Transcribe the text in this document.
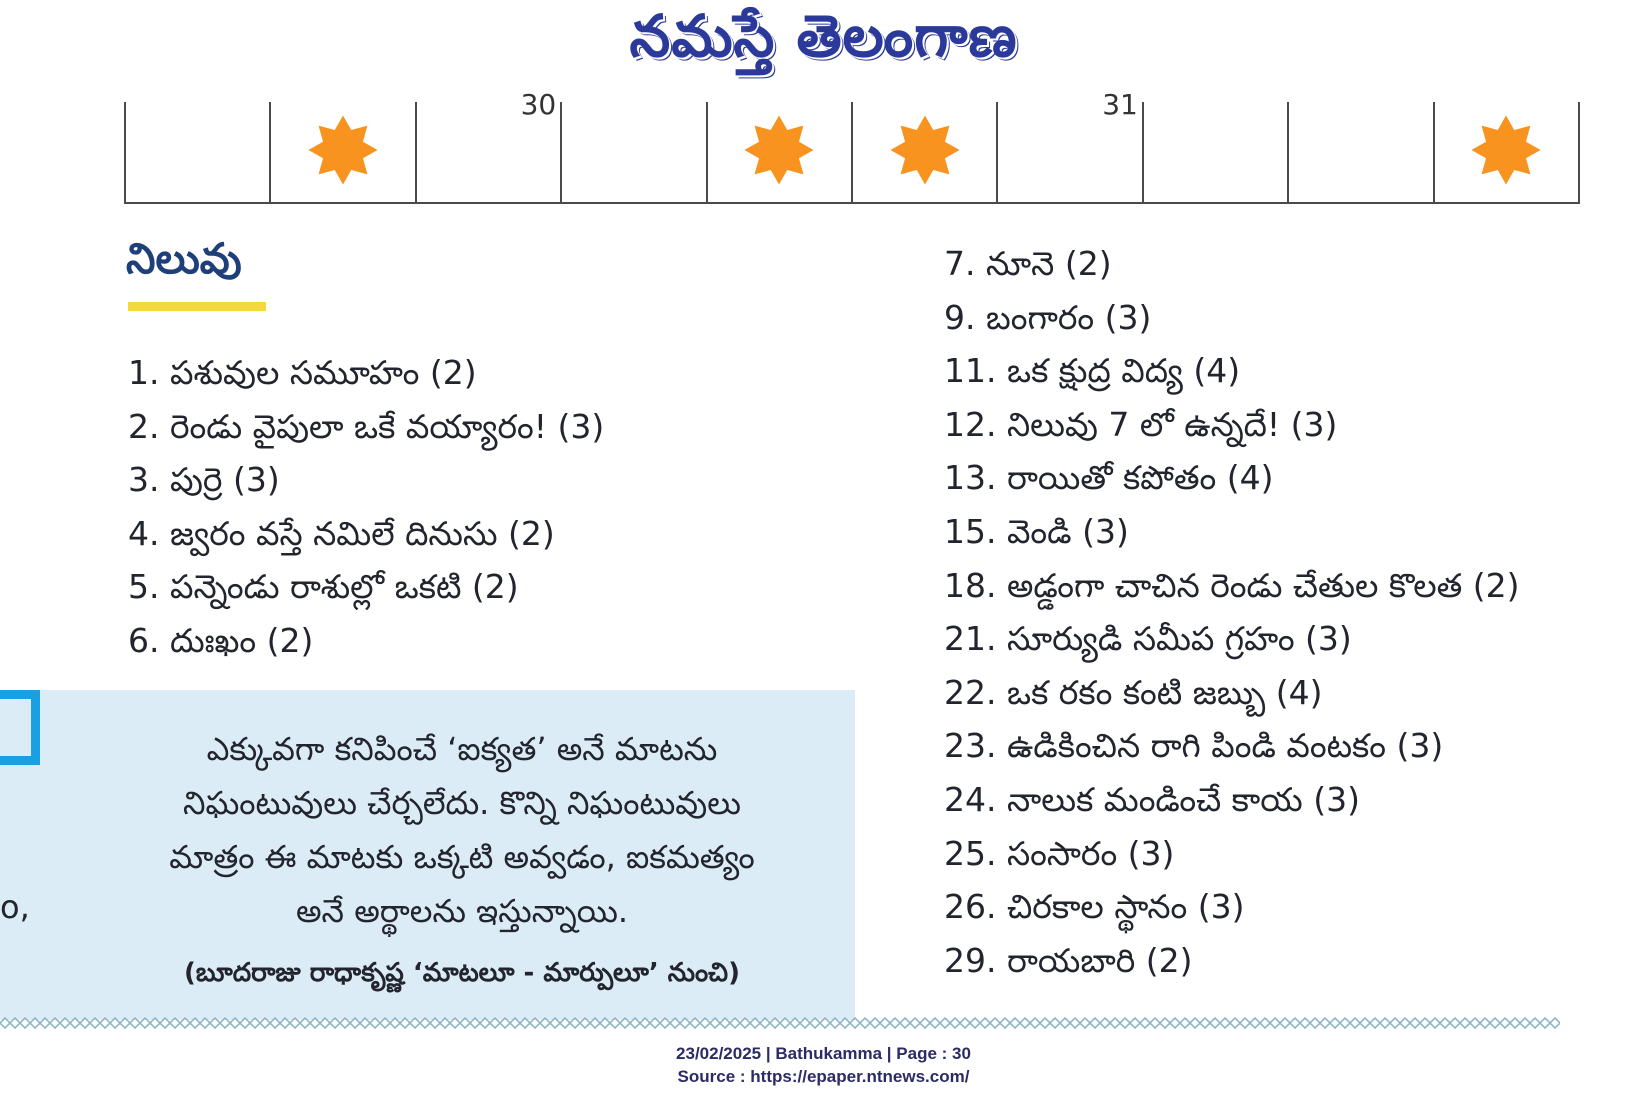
నమస్తే తెలంగాణ
30	31
నిలువు
1. పశువుల సమూహం (2)
2. రెండు వైపులా ఒకే వయ్యారం! (3)
3. పుర్రె (3)
4. జ్వరం వస్తే నమిలే దినుసు (2)
5. పన్నెండు రాశుల్లో ఒకటి (2)
6. దుఃఖం (2)
7. నూనె (2)
9. బంగారం (3)
11. ఒక క్షుద్ర విద్య (4)
12. నిలువు 7 లో ఉన్నదే! (3)
13. రాయితో కపోతం (4)
15. వెండి (3)
18. అడ్డంగా చాచిన రెండు చేతుల కొలత (2)
21. సూర్యుడి సమీప గ్రహం (3)
22. ఒక రకం కంటి జబ్బు (4)
23. ఉడికించిన రాగి పిండి వంటకం (3)
24. నాలుక మండించే కాయ (3)
25. సంసారం (3)
26. చిరకాల స్థానం (3)
29. రాయబారి (2)
o,
ఎక్కువగా కనిపించే ‘ఐక్యత’ అనే మాటను
నిఘంటువులు చేర్చలేదు. కొన్ని నిఘంటువులు
మాత్రం ఈ మాటకు ఒక్కటి అవ్వడం, ఐకమత్యం
అనే అర్థాలను ఇస్తున్నాయి.
(బూదరాజు రాధాకృష్ణ ‘మాటలూ - మార్పులూ’ నుంచి)
23/02/2025 | Bathukamma | Page : 30
Source : https://epaper.ntnews.com/
